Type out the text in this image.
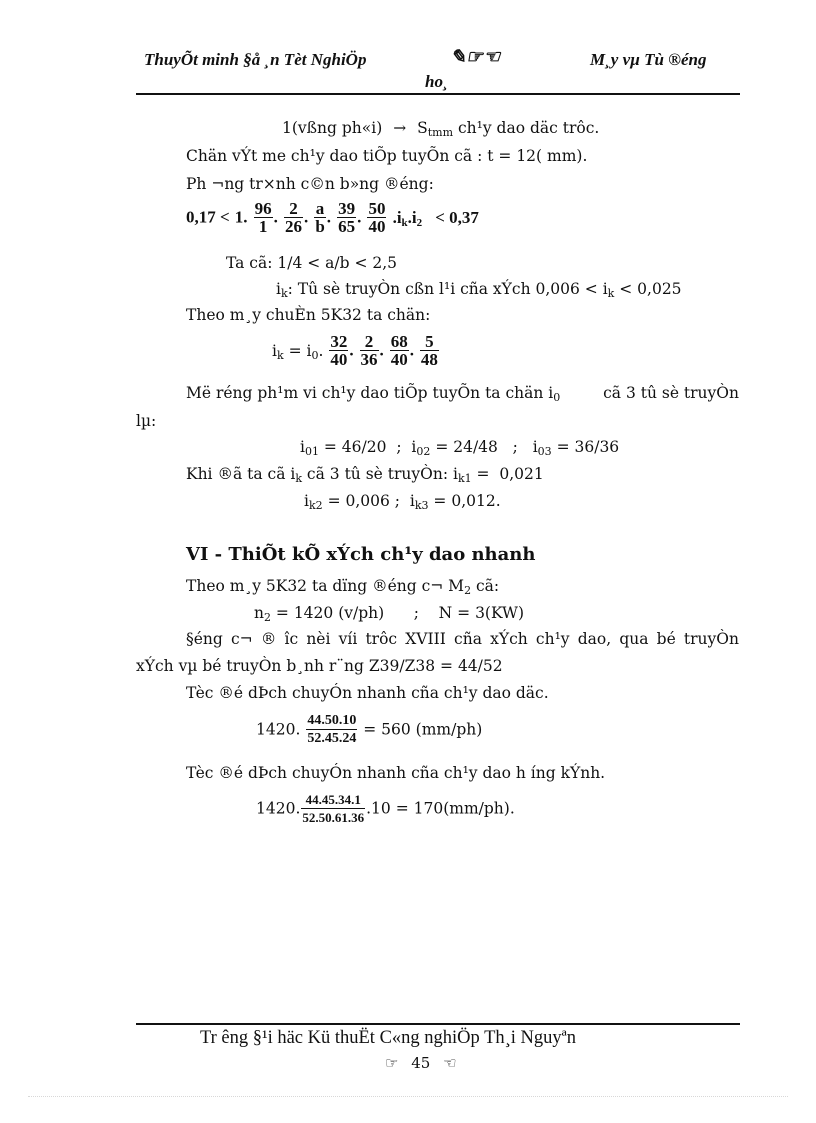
ThuyÕt minh §å ¸n Tèt NghiÖp	✎☞☜
ho¸
M¸y vµ Tù ®éng
1(vßng ph«i) → $S_{tmm}$ ch¹y dao däc trôc.
Chän vÝt me ch¹y dao tiÕp tuyÕn cã : t = 12( mm).
Ph ¬ng tr×nh c©n b»ng ®éng:
0,17 < 1. $\frac{96}{1}$ . $\frac{2}{26}$ . $\frac{a}{b}$ . $\frac{39}{65}$ . $\frac{50}{40} .i_k.i_2 < 0,37$
Ta cã: 1/4 < a/b < 2,5
$i_k$: Tû sè truyÒn cßn l¹i cña xÝch $0,006 < i_k < 0,025$
Theo m¸y chuÈn 5K32 ta chän:
$i_k = i_0$. $\frac{32}{40}$ . $\frac{2}{36}$ . $\frac{68}{40}$ . $\frac{5}{48}$
Më réng ph¹m vi ch¹y dao tiÕp tuyÕn ta chän $i_0$	cã 3 tû sè truyÒn
lµ:
$i_{01} = 46/20$  ;  $i_{02} = 24/48$   ;   $i_{03} = 36/36$
Khi ®ã ta cã $i_k$ cã 3 tû sè truyÒn: $i_{k1} = 0,021$
$i_{k2} = 0,006$ ;  $i_{k3} = 0,012$.
VI - ThiÕt kÕ xÝch ch¹y dao nhanh
Theo m¸y 5K32 ta dïng ®éng c¬ $M_2$ cã:
$n_2 = 1420$ (v/ph)      ;    N = 3(KW)
§éng c¬ ® îc nèi víi trôc XVIII cña xÝch ch¹y dao, qua bé truyÒn
xÝch vµ bé truyÒn b¸nh r¨ng Z39/Z38 = 44/52
Tèc ®é dÞch chuyÓn nhanh cña ch¹y dao däc.
1420. $\frac{44.50.10}{52.45.24} = 560$ (mm/ph)
Tèc ®é dÞch chuyÓn nhanh cña ch¹y dao h íng kÝnh.
1420. $\frac{44.45.34.1}{52.50.61.36} .10 = 170(mm/ph)$.
Tr êng §¹i häc Kü thuËt C«ng nghiÖp Th¸i Nguyªn
☞ 45 ☜
